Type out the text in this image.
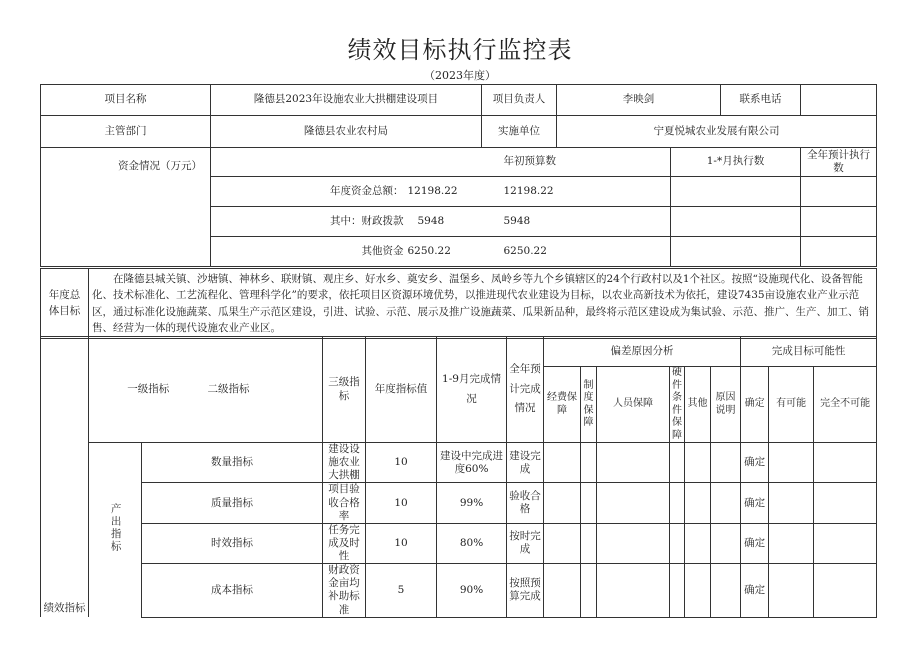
绩效目标执行监控表
（2023年度）
项目名称	隆德县2023年设施农业大拱棚建设项目		项目负责人	李映剑		联系电话	
主管部门	隆德县农业农村局		实施单位	宁夏悦城农业发展有限公司			
资金情况（万元）			年初预算数		1-*月执行数		全年预计执行数
	年度资金总额：	12198.22	12198.22				
	其中：财政拨款	5948	5948				
	其他资金	6250.22	6250.22				
年度总体目标	在隆德县城关镇、沙塘镇、神林乡、联财镇、观庄乡、好水乡、奠安乡、温堡乡、凤岭乡等九个乡镇辖区的24个行政村以及1个社区。按照“设施现代化、设备智能化、技术标准化、工艺流程化、管理科学化”的要求，依托项目区资源环境优势，以推进现代农业建设为目标，以农业高新技术为依托，建设7435亩设施农业产业示范区，通过标准化设施蔬菜、瓜果生产示范区建设，引进、试验、示范、展示及推广设施蔬菜、瓜果新品种，最终将示范区建设成为集试验、示范、推广、生产、加工、销售、经营为一体的现代设施农业产业区。
绩效指标	一级指标		二级指标	三级指标	年度指标值	1-9月完成情况	全年预计完成情况	偏差原因分析						完成目标可能性	
								经费保障	制度保障	人员保障	硬件条件保障	其他	原因说明	确定	有可能	完全不可能	
	产出指标	数量指标		建设设施农业大拱棚	10	建设中完成进度60%	建设完成							确定			
		质量指标		项目验收合格率	10	99%	验收合格							确定			
		时效指标		任务完成及时性	10	80%	按时完成							确定			
		成本指标		财政资金亩均补助标准	5	90%	按照预算完成							确定			
